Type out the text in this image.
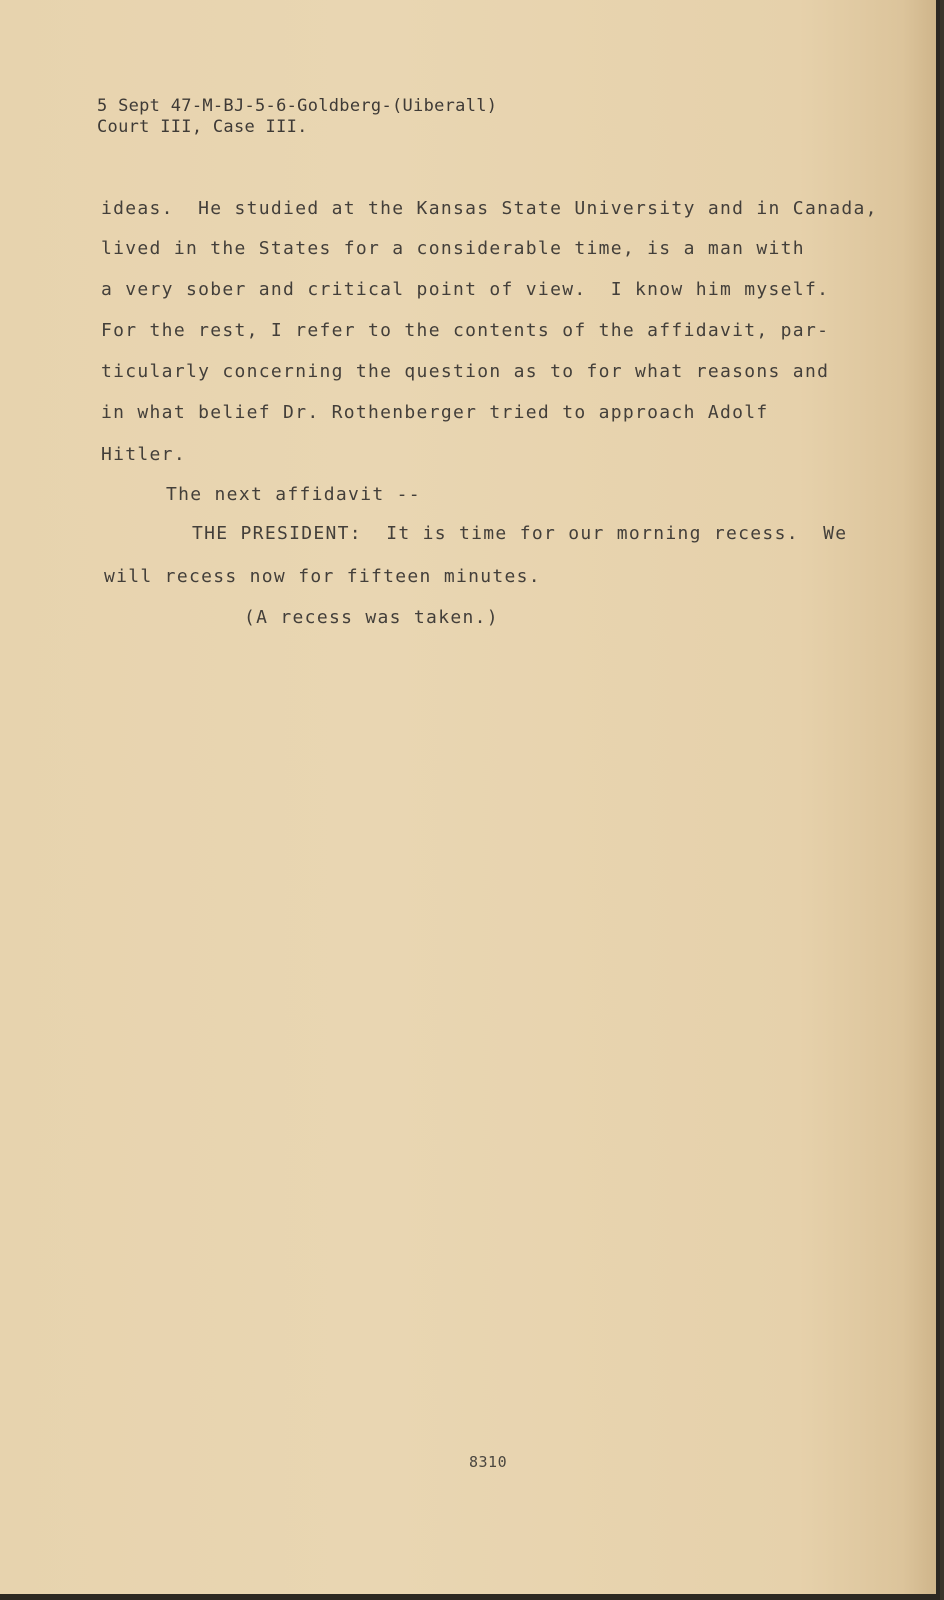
5 Sept 47-M-BJ-5-6-Goldberg-(Uiberall)
Court III, Case III.
ideas.  He studied at the Kansas State University and in Canada,
lived in the States for a considerable time, is a man with
a very sober and critical point of view.  I know him myself.
For the rest, I refer to the contents of the affidavit, par-
ticularly concerning the question as to for what reasons and
in what belief Dr. Rothenberger tried to approach Adolf
Hitler.
The next affidavit --
THE PRESIDENT:  It is time for our morning recess.  We
will recess now for fifteen minutes.
(A recess was taken.)
8310
